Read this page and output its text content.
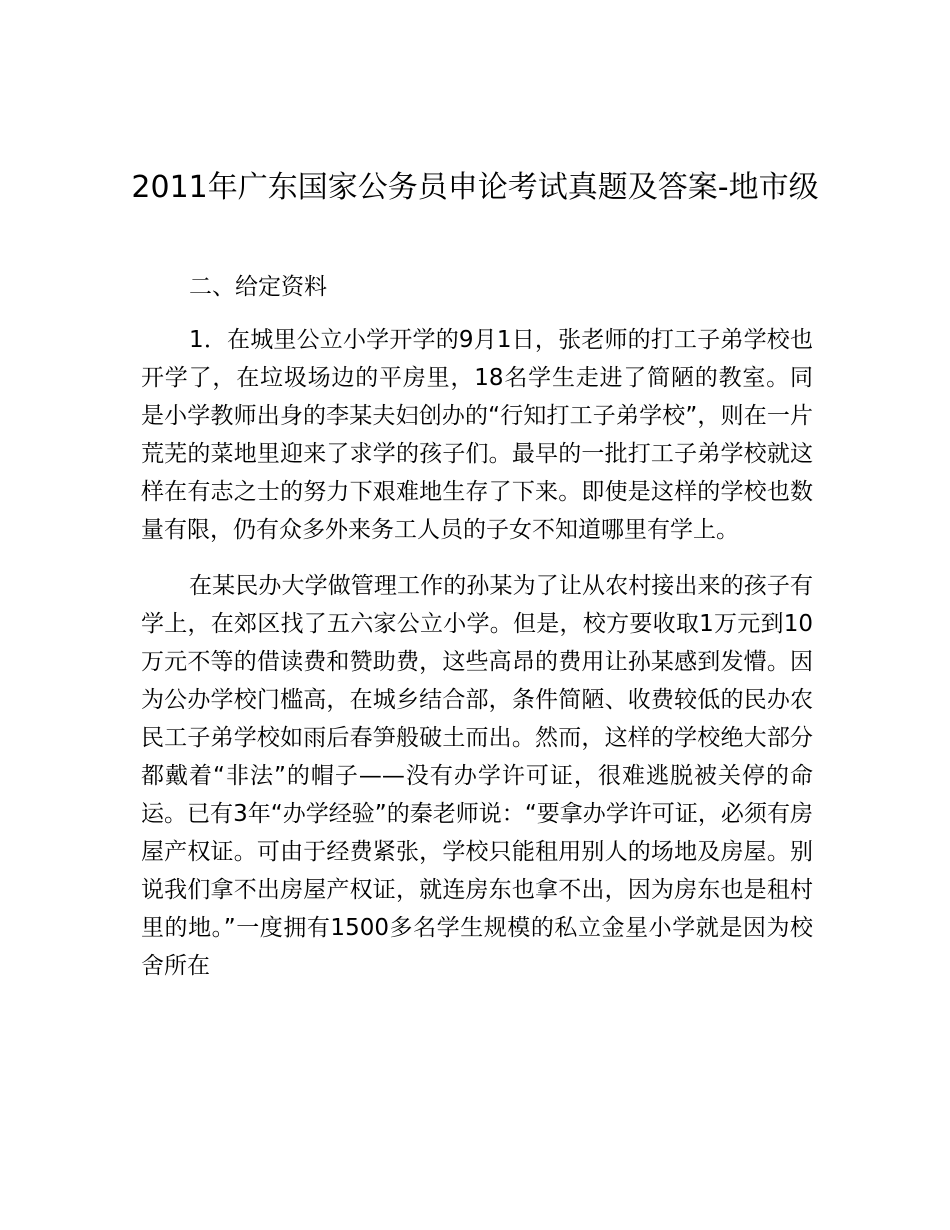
2011年广东国家公务员申论考试真题及答案-地市级

二、给定资料

1．在城里公立小学开学的9月1日，张老师的打工子弟学校也开学了，在垃圾场边的平房里，18名学生走进了简陋的教室。同是小学教师出身的李某夫妇创办的“行知打工子弟学校”，则在一片荒芜的菜地里迎来了求学的孩子们。最早的一批打工子弟学校就这样在有志之士的努力下艰难地生存了下来。即使是这样的学校也数量有限，仍有众多外来务工人员的子女不知道哪里有学上。

在某民办大学做管理工作的孙某为了让从农村接出来的孩子有学上，在郊区找了五六家公立小学。但是，校方要收取1万元到10万元不等的借读费和赞助费，这些高昂的费用让孙某感到发懵。因为公办学校门槛高，在城乡结合部，条件简陋、收费较低的民办农民工子弟学校如雨后春笋般破土而出。然而，这样的学校绝大部分都戴着“非法”的帽子——没有办学许可证，很难逃脱被关停的命运。已有3年“办学经验”的秦老师说：“要拿办学许可证，必须有房屋产权证。可由于经费紧张，学校只能租用别人的场地及房屋。别说我们拿不出房屋产权证，就连房东也拿不出，因为房东也是租村里的地。”一度拥有1500多名学生规模的私立金星小学就是因为校舍所在
